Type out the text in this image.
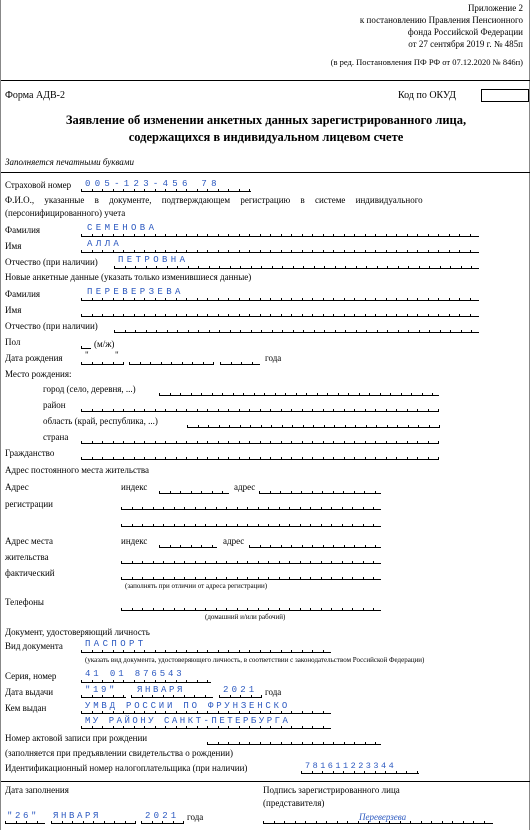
Приложение 2
к постановлению Правления Пенсионного
фонда Российской Федерации
от 27 сентября 2019 г. № 485п
(в ред. Постановления ПФ РФ от 07.12.2020 № 846п)
Форма АДВ-2	Код по ОКУД
Заявление об изменении анкетных данных зарегистрированного лица,
содержащихся в индивидуальном лицевом счете
Заполняется печатными буквами
Страховой номер 005-123-456 78
Ф.И.О., указанные в документе, подтверждающем регистрацию в системе индивидуального
(персонифицированного) учета
Фамилия	СЕМЕНОВА
Имя	АЛЛА
Отчество (при наличии) ПЕТРОВНА
Новые анкетные данные (указать только изменившиеся данные)
Фамилия	ПЕРЕВЕРЗЕВА
Имя
Отчество (при наличии)
Пол	(м/ж)
Дата рождения "	"	года
Место рождения:
город (село, деревня, ...)
район
область (край, республика, ...)
страна
Гражданство
Адрес постоянного места жительства
Адрес
регистрации
индекс	адрес
Адрес места
жительства
фактический
индекс	адрес
(заполнять при отличии от адреса регистрации)
Телефоны
(домашний и/или рабочий)
Документ, удостоверяющий личность
Вид документа ПАСПОРТ
(указать вид документа, удостоверяющего личность, в соответствии с законодательством Российской Федерации)
Серия, номер	41 01 876543
Дата выдачи	"19" ЯНВАРЯ	2021 года
Кем выдан	УМВД РОССИИ ПО ФРУНЗЕНСКО
МУ РАЙОНУ САНКТ-ПЕТЕРБУРГА
Номер актовой записи при рождении
(заполняется при предъявлении свидетельства о рождении)
Идентификационный номер налогоплательщика (при наличии)	781611223344
Дата заполнения
"26" ЯНВАРЯ	2021 года
Подпись зарегистрированного лица
(представителя)
Переверзева
